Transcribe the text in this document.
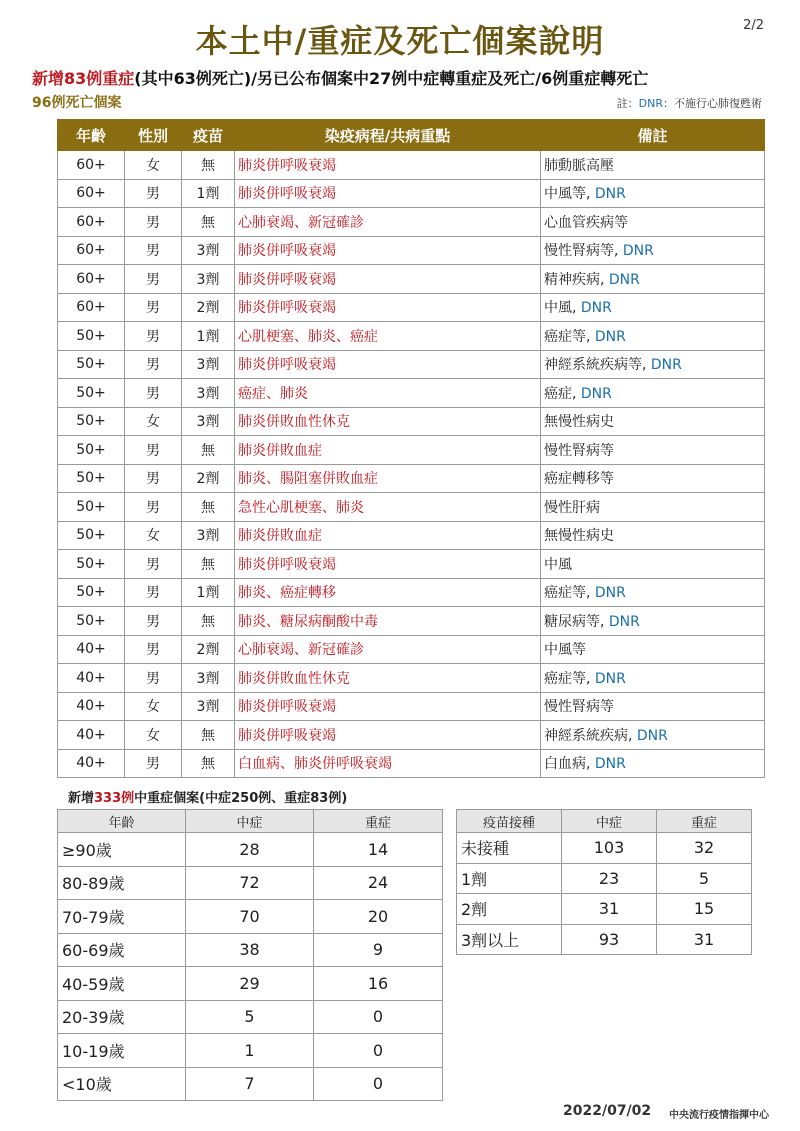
2/2
本土中/重症及死亡個案說明
新增83例重症(其中63例死亡)/另已公布個案中27例中症轉重症及死亡/6例重症轉死亡
96例死亡個案	註：DNR：不施行心肺復甦術
年齡	性別	疫苗	染疫病程/共病重點	備註
60+	女	無	肺炎併呼吸衰竭	肺動脈高壓
60+	男	1劑	肺炎併呼吸衰竭	中風等, DNR
60+	男	無	心肺衰竭、新冠確診	心血管疾病等
60+	男	3劑	肺炎併呼吸衰竭	慢性腎病等, DNR
60+	男	3劑	肺炎併呼吸衰竭	精神疾病, DNR
60+	男	2劑	肺炎併呼吸衰竭	中風, DNR
50+	男	1劑	心肌梗塞、肺炎、癌症	癌症等, DNR
50+	男	3劑	肺炎併呼吸衰竭	神經系統疾病等, DNR
50+	男	3劑	癌症、肺炎	癌症, DNR
50+	女	3劑	肺炎併敗血性休克	無慢性病史
50+	男	無	肺炎併敗血症	慢性腎病等
50+	男	2劑	肺炎、腸阻塞併敗血症	癌症轉移等
50+	男	無	急性心肌梗塞、肺炎	慢性肝病
50+	女	3劑	肺炎併敗血症	無慢性病史
50+	男	無	肺炎併呼吸衰竭	中風
50+	男	1劑	肺炎、癌症轉移	癌症等, DNR
50+	男	無	肺炎、糖尿病酮酸中毒	糖尿病等, DNR
40+	男	2劑	心肺衰竭、新冠確診	中風等
40+	男	3劑	肺炎併敗血性休克	癌症等, DNR
40+	女	3劑	肺炎併呼吸衰竭	慢性腎病等
40+	女	無	肺炎併呼吸衰竭	神經系統疾病, DNR
40+	男	無	白血病、肺炎併呼吸衰竭	白血病, DNR
新增333例中重症個案(中症250例、重症83例)
年齡	中症	重症
≥90歲	28	14
80-89歲	72	24
70-79歲	70	20
60-69歲	38	9
40-59歲	29	16
20-39歲	5	0
10-19歲	1	0
<10歲	7	0
疫苗接種	中症	重症
未接種	103	32
1劑	23	5
2劑	31	15
3劑以上	93	31
2022/07/02 中央流行疫情指揮中心
